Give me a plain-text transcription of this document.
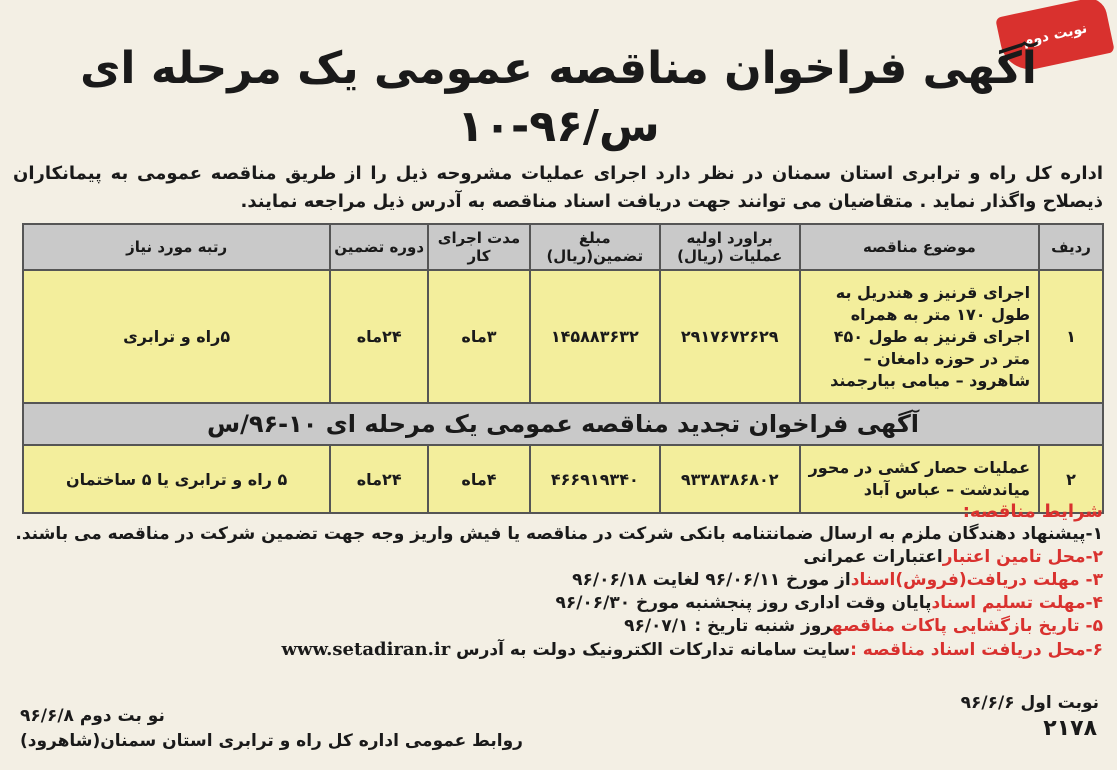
نوبت دوم
آگهی فراخوان مناقصه عمومی یک مرحله ای
۱۰-۹۶/س
اداره کل راه و ترابری استان سمنان در نظر دارد اجرای عملیات مشروحه ذیل را از طریق مناقصه عمومی به پیمانکاران ذیصلاح واگذار نماید . متقاضیان می توانند جهت دریافت اسناد مناقصه به آدرس ذیل مراجعه نمایند.
ردیف	موضوع مناقصه	براورد اولیه عملیات (ریال)	مبلغ تضمین(ریال)	مدت اجرای کار	دوره تضمین	رتبه مورد نیاز
۱	اجرای قرنیز و هندریل به طول ۱۷۰ متر به همراه اجرای قرنیز به طول ۴۵۰ متر در حوزه دامغان – شاهرود – میامی بیارجمند	۲۹۱۷۶۷۲۶۲۹	۱۴۵۸۸۳۶۳۲	۳ماه	۲۴ماه	۵راه و ترابری
آگهی فراخوان تجدید مناقصه عمومی یک مرحله ای ۱۰-۹۶/س						
۲	عملیات حصار کشی در محور میاندشت – عباس آباد	۹۳۳۸۳۸۶۸۰۲	۴۶۶۹۱۹۳۴۰	۴ماه	۲۴ماه	۵ راه و ترابری یا ۵ ساختمان
شرایط مناقصه:
۱-پیشنهاد دهندگان ملزم به ارسال ضمانتنامه بانکی شرکت در مناقصه یا فیش واریز وجه جهت تضمین شرکت در مناقصه می باشند.
۲-محل تامین اعتباراعتبارات عمرانی
۳- مهلت دریافت(فروش)اسناداز مورخ ۹۶/۰۶/۱۱ لغایت ۹۶/۰۶/۱۸
۴-مهلت تسلیم اسنادپایان وقت اداری روز پنجشنبه مورخ ۹۶/۰۶/۳۰
۵- تاریخ بازگشایی پاکات مناقصهروز شنبه تاریخ : ۹۶/۰۷/۱
۶-محل دریافت اسناد مناقصه :سایت سامانه تدارکات الکترونیک دولت به آدرس www.setadiran.ir
نوبت اول ۹۶/۶/۶
۲۱۷۸
نو بت دوم ۹۶/۶/۸
روابط عمومی اداره کل راه و ترابری استان سمنان(شاهرود)
